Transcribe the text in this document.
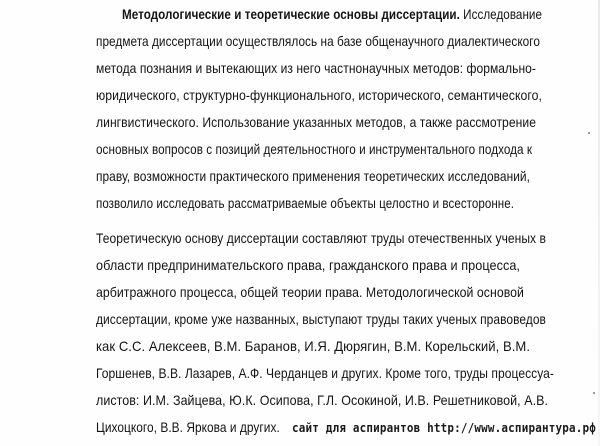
Методологические и теоретические основы диссертации. Исследование
предмета диссертации осуществлялось на базе общенаучного диалектического
метода познания и вытекающих из него частнонаучных методов: формально-
юридического, структурно-функционального, исторического, семантического,
лингвистического. Использование указанных методов, а также рассмотрение
основных вопросов с позиций деятельностного и инструментального подхода к
праву, возможности практического применения теоретических исследований,
позволило исследовать рассматриваемые объекты целостно и всесторонне.
Теоретическую основу диссертации составляют труды отечественных ученых в
области предпринимательского права, гражданского права и процесса,
арбитражного процесса, общей теории права. Методологической основой
диссертации, кроме уже названных, выступают труды таких ученых правоведов
как С.С. Алексеев, В.М. Баранов, И.Я. Дюрягин, В.М. Корельский, В.М.
Горшенев, В.В. Лазарев, А.Ф. Черданцев и других. Кроме того, труды процессуа-
листов: И.М. Зайцева, Ю.К. Осипова, Г.Л. Осокиной, И.В. Решетниковой, А.В.
Цихоцкого, В.В. Яркова и других. сайт для аспирантов http://www.аспирантура.рф
